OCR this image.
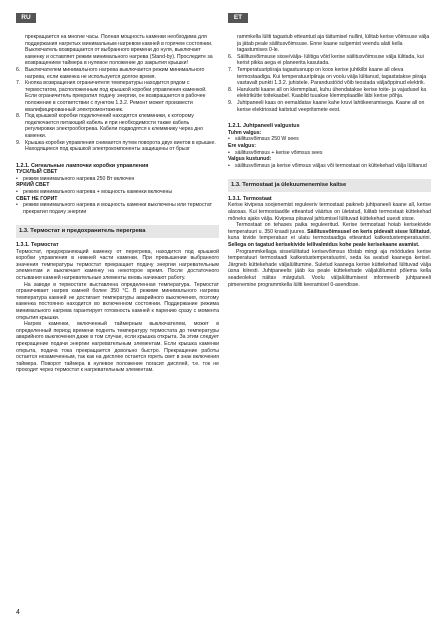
RU	ET
прекращается на многие часы. Полная мощность каменки необходима для поддержания нагретых минимальным нагревом камней в горячем состоянии. Выключатель возвращается от выбранного времени до нуля, выключает каменку и оставляет режим минимального нагрева (Stand-by). Проследите за возвращением таймера в нулевое положение до закрытия крышки!
6. Выключателем минимального нагрева выключается режим минимального нагрева, если каменка не используется долгое время.
7. Кнопка возвращения ограничителя температуры находится рядом с термостатом, расположенным под крышкой коробки управления каменкой. Если ограничитель прекратил подачу энергии, он возвращается в рабочее положение в соответствии с пунктом 1.3.2. Ремонт может произвести квалифицированный электромонтажник.
8. Под крышкой коробки подключений находятся клеммники, к которому подключается питающий кабель и при необходимости также кабель регулировки электрообогрева. Кабели подводятся к клеммнику через дно каменки.
9. Крышка коробки управления снимается путем поворота двух винтов в крышке. Находящиеся под крышкой электрокомпоненты защищены от брызг
1.2.1. Сигнальные лампочки коробки управления
ТУСКЛЫЙ СВЕТ
• режим минимального нагрева 250 Вт включен
ЯРКИЙ СВЕТ
• режим минимального нагрева + мощность каменки включены
СВЕТ НЕ ГОРИТ
• режим минимального нагрева и мощность каменки выключены или термостат прекратил подачу энергии
1.3. Термостат и предохранитель перегрева
1.3.1. Термостат
Термостат, предохраняющий каменку от перегрева, находится под крышкой коробки управления в нижней части каменки. При превышении выбранного значения температуры термостат прекращает подачу энергии нагревательным элементам и выключает каменку на некоторое время. После достаточного остывания камней нагревательные элементы вновь начинают работу.
На заводе в термостате выставлена определенная температура. Термостат ограничивает нагрев камней более 350 °C. В режиме минимального нагрева температура камней не достигает температуры аварийного выключения, поэтому каменка постоянно находится во включенном состоянии. Поддержание режима минимального нагрева гарантирует готовность камней к парению сразу с момента открытия крышки.
Нагрев каменки, включенный таймерным выключателем, может в определенный период времени поднять температуру термостата до температуры аварийного выключения даже в том случае, если крышка открыта. За этим следует прекращение подачи энергии нагревательным элементам. Если крышка каменки открыта, подача тока прекращается довольно быстро. Прекращение работы остается незамеченным, так как на дисплее остается гореть свет в знак включения таймера. Поворот таймера в нулевое положение погасит дисплей, т.е. ток не проходит через термостат к нагревательным элементам.
rammkella lüliti tagastub etteantud aja täitumisel nullini, lülitab kerise võimsuse välja ja jätab peale säilitusvõimsuse. Enne kaane sulgemist veendu alati kella tagastumises 0-le.
6. Säilitusvõimsuse sisse/välja- lülitiga võid kerise säilitusvõimsuse välja lülitada, kui kerist pikka aega ei planeerita kasutada.
7. Temperatuuripiiraja tagastusnupp on koos kerise juhtkilbi kaane all oleva termostaadiga. Kui temperatuuripiiraja on voolu välja lülitanud, tagastatakse piiraja vastavalt punkti 1.3.2. juhistele. Parandustööd võib teostada väljaõppinud elektrik.
8. Harukarbi kaane all on klemmplaat, kuhu ühendatakse kerise toite- ja vajadusel ka elektrikütte toitekaabel. Kaablid tuuakse klemmplaadile läbi kerise põhja.
9. Juhtpaneeli kaas on eemaldatav kaane kahe kruvi lahtikeeramisega. Kaane all on kerise elektriosad kaitstud veepritsmete eest.
1.2.1. Juhtpaneeli valgustus
Tuhm valgus:
• säilitusvõimsus 250 W sees
Ere valgus:
• säilitusvõimsus + kerise võimsus sees
Valgus kustunud:
• säilitusvõimsus ja kerise võimsus väljas või termostaat on küttekehad välja lülitanud
1.3. Termostaat ja ülekuumenemise kaitse
1.3.1. Termostaat
Kerise kivipesa soojenemist reguleeriv termostaat paikneb juhtpaneeli kaane all, kerise alaosas. Kui termostaadile etteantud väärtus on ületatud, lülitab termostaat küttekehad mõneks ajaks välja. Kivipesa piisaval jahtumisel lülituvad küttekehad uuesti sisse.
Termostaat on tehases paika reguleeritud. Kerise termostaat hoiab kerisekivide temperatuuri u. 350 kraadi juures. Säilitusvõimsusel on keris pidevalt sisse lülitatud, kuna kivide temperatuur ei ulatu termostaadiga etteantud katkestustemperatuurini. Sellega on tagatud kerisekivide leilivalmidus kohe peale kerisekaane avamist.
Programmkellaga sisselülitatud kerisevõimsus tõstab mingi aja möödudes kerise temperatuuri termostaadi katkestustemperatuurini, seda ka avatud kaanega kerisel. Järgneb küttekehade väljalülitumine. Suletud kaanega kerise küttekehad lülituvad välja üsna kiiresti. Juhtpaneelis jääb ka peale küttekehade väljalülitumist põlema kella seadeolekut näitav märgutuli. Voolu väljalülitumisest informeerib juhtpaneeli pimenemine programmkella lüliti keeramisel 0-asendisse.
4
